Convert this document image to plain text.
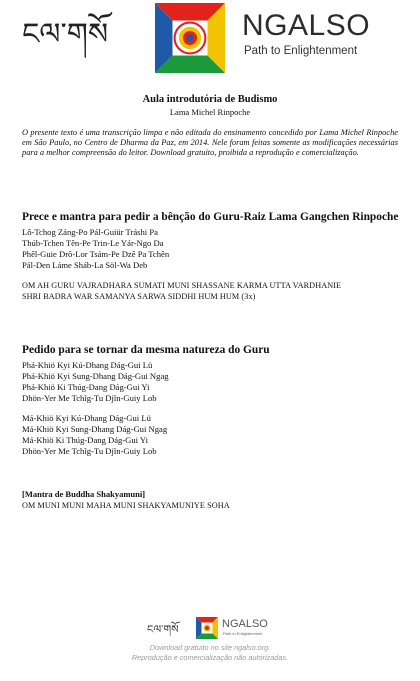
ངལ་གསོ	NGALSO
Path to Enlightenment
Aula introdutória de Budismo
Lama Michel Rinpoche
O presente texto é uma transcrição limpa e não editada do ensinamento concedido por Lama Michel Rinpoche em São Paulo, no Centro de Dharma da Paz, em 2014. Nele foram feitas somente as modificações necessárias para a melhor compreensão do leitor. Download gratuito, proibida a reprodução e comercialização.
Prece e mantra para pedir a bênção do Guru-Raiz Lama Gangchen Rinpoche

Lô-Tchog Záng-Po Pál-Guiür Tráshi Pa

Thúb-Tchen Tên-Pe Trin-Le Yár-Ngo Da

Phêl-Guie Drô-Lor Tsám-Pe Dzê Pa Tchên

Pál-Den Láme Sháb-La Söl-Wa Deb

OM AH GURU VAJRADHARA SUMATI MUNI SHASSANE KARMA UTTA VARDHANIE

SHRI BADRA WAR SAMANYA SARWA SIDDHI HUM HUM (3x)

Pedido para se tornar da mesma natureza do Guru

Phá-Khiö Kyi Kú-Dhang Dág-Gui Lü

Phá-Khiö Kyi Sung-Dhang Dág-Gui Ngag

Phá-Khiö Ki Thúg-Dang Dág-Gui Yi

Dhön-Yer Me Tchĩg-Tu Djĩn-Guiy Lob

Má-Khiö Kyi Kú-Dhang Dág-Gui Lü

Má-Khiö Kyi Sung-Dhang Dág-Gui Ngag

Má-Khiö Ki Thúg-Dang Dág-Gui Yi

Dhön-Yer Me Tchĩg-Tu Djĩn-Guiy Lob

[Mantra de Buddha Shakyamuni]

OM MUNI MUNI MAHA MUNI SHAKYAMUNIYE SOHA

ངལ་གསོ	NGALSO
Path to Enlightenment
Download gratuito no site ngalso.org.
Reprodução e comercialização não autorizadas.
